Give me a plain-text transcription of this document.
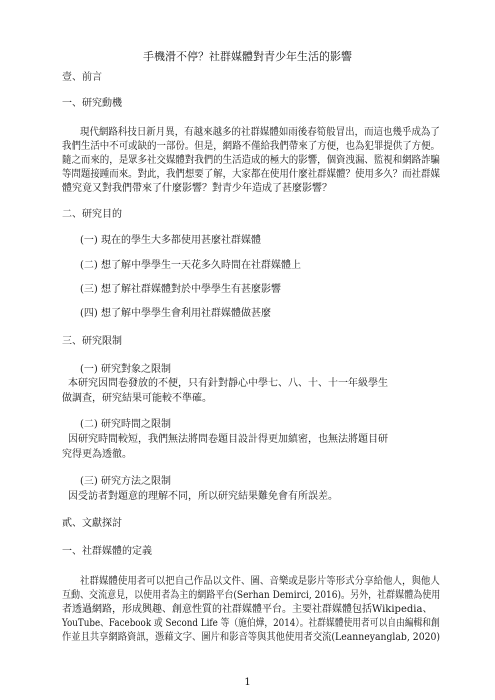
手機滑不停？社群媒體對青少年生活的影響
壹、前言
一、研究動機
現代網路科技日新月異，有越來越多的社群媒體如雨後春筍般冒出，而這也幾乎成為了
我們生活中不可或缺的一部份。但是，網路不僅給我們帶來了方便，也為犯罪提供了方便。
隨之而來的，是眾多社交媒體對我們的生活造成的極大的影響，個資洩漏、監視和網路詐騙
等問題接踵而來。對此，我們想要了解，大家都在使用什麼社群媒體？使用多久？而社群媒
體究竟又對我們帶來了什麼影響？對青少年造成了甚麼影響？
二、研究目的
(一) 現在的學生大多都使用甚麼社群媒體
(二) 想了解中學學生一天花多久時間在社群媒體上
(三) 想了解社群媒體對於中學學生有甚麼影響
(四) 想了解中學學生會利用社群媒體做甚麼
三、研究限制
(一) 研究對象之限制
本研究因問卷發放的不便，只有針對靜心中學七、八、十、十一年級學生
做調查，研究結果可能較不準確。
(二) 研究時間之限制
因研究時間較短，我們無法將問卷題目設計得更加縝密，也無法將題目研
究得更為透徹。
(三) 研究方法之限制
因受訪者對題意的理解不同，所以研究結果難免會有所誤差。
貳、文獻探討
一、社群媒體的定義
社群媒體使用者可以把自己作品以文件、圖、音樂或是影片等形式分享給他人，與他人
互動、交流意見，以使用者為主的網路平台(Serhan Demirci, 2016)。另外，社群媒體為使用
者透過網路，形成興趣、創意性質的社群媒體平台。主要社群媒體包括Wikipedia、
YouTube、Facebook 或 Second Life 等（施伯燁，2014）。社群媒體使用者可以自由編輯和創
作並且共享網路資訊，憑藉文字、圖片和影音等與其他使用者交流(Leanneyanglab, 2020)
1
